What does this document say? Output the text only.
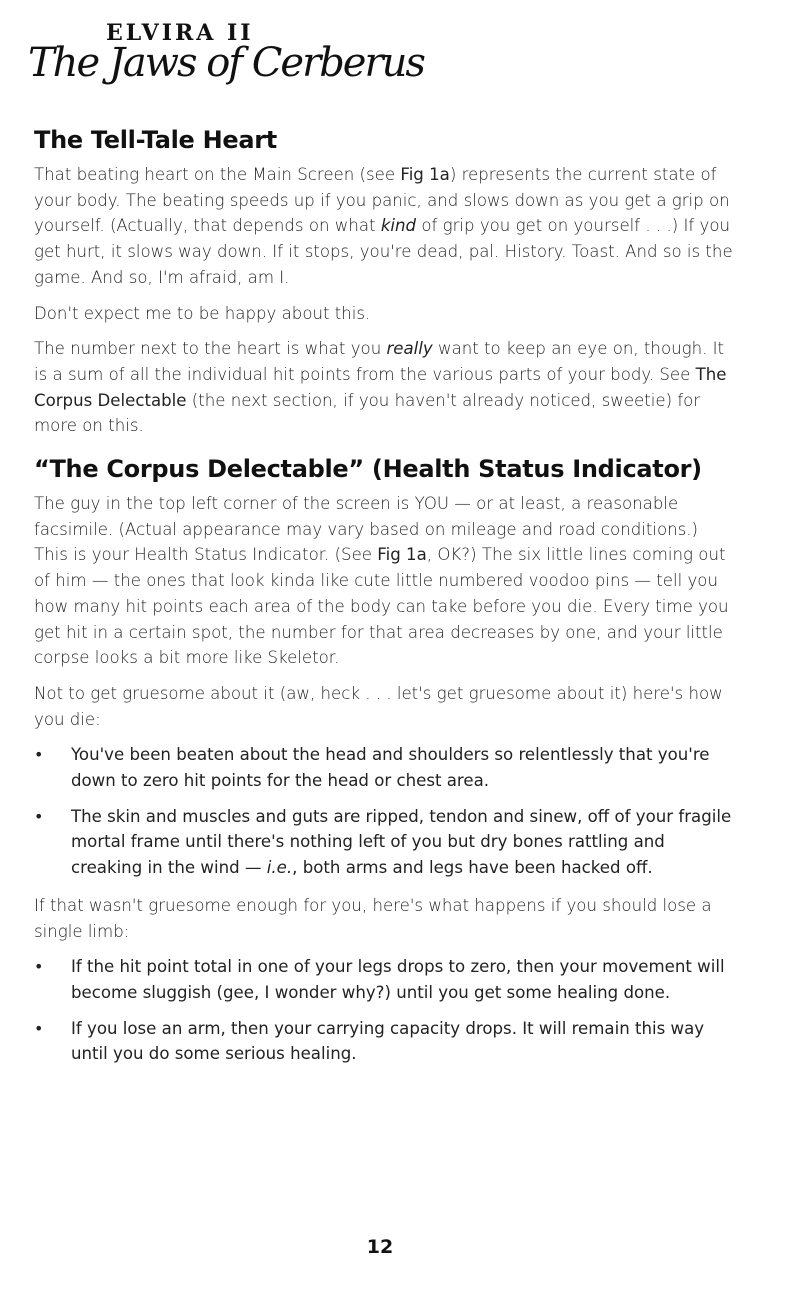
ELVIRA II
The Jaws of Cerberus
The Tell-Tale Heart

That beating heart on the Main Screen (see Fig 1a) represents the current state of your body. The beating speeds up if you panic, and slows down as you get a grip on yourself. (Actually, that depends on what kind of grip you get on yourself . . .) If you get hurt, it slows way down. If it stops, you're dead, pal. History. Toast. And so is the game. And so, I'm afraid, am I.

Don't expect me to be happy about this.

The number next to the heart is what you really want to keep an eye on, though. It is a sum of all the individual hit points from the various parts of your body. See The Corpus Delectable (the next section, if you haven't already noticed, sweetie) for more on this.

“The Corpus Delectable” (Health Status Indicator)

The guy in the top left corner of the screen is YOU — or at least, a reasonable facsimile. (Actual appearance may vary based on mileage and road conditions.) This is your Health Status Indicator. (See Fig 1a, OK?) The six little lines coming out of him — the ones that look kinda like cute little numbered voodoo pins — tell you how many hit points each area of the body can take before you die. Every time you get hit in a certain spot, the number for that area decreases by one, and your little corpse looks a bit more like Skeletor.

Not to get gruesome about it (aw, heck . . . let's get gruesome about it) here's how you die:

• You've been beaten about the head and shoulders so relentlessly that you're down to zero hit points for the head or chest area.
• The skin and muscles and guts are ripped, tendon and sinew, off of your fragile mortal frame until there's nothing left of you but dry bones rattling and creaking in the wind — i.e., both arms and legs have been hacked off.

If that wasn't gruesome enough for you, here's what happens if you should lose a single limb:

• If the hit point total in one of your legs drops to zero, then your movement will become sluggish (gee, I wonder why?) until you get some healing done.
• If you lose an arm, then your carrying capacity drops. It will remain this way until you do some serious healing.
12
